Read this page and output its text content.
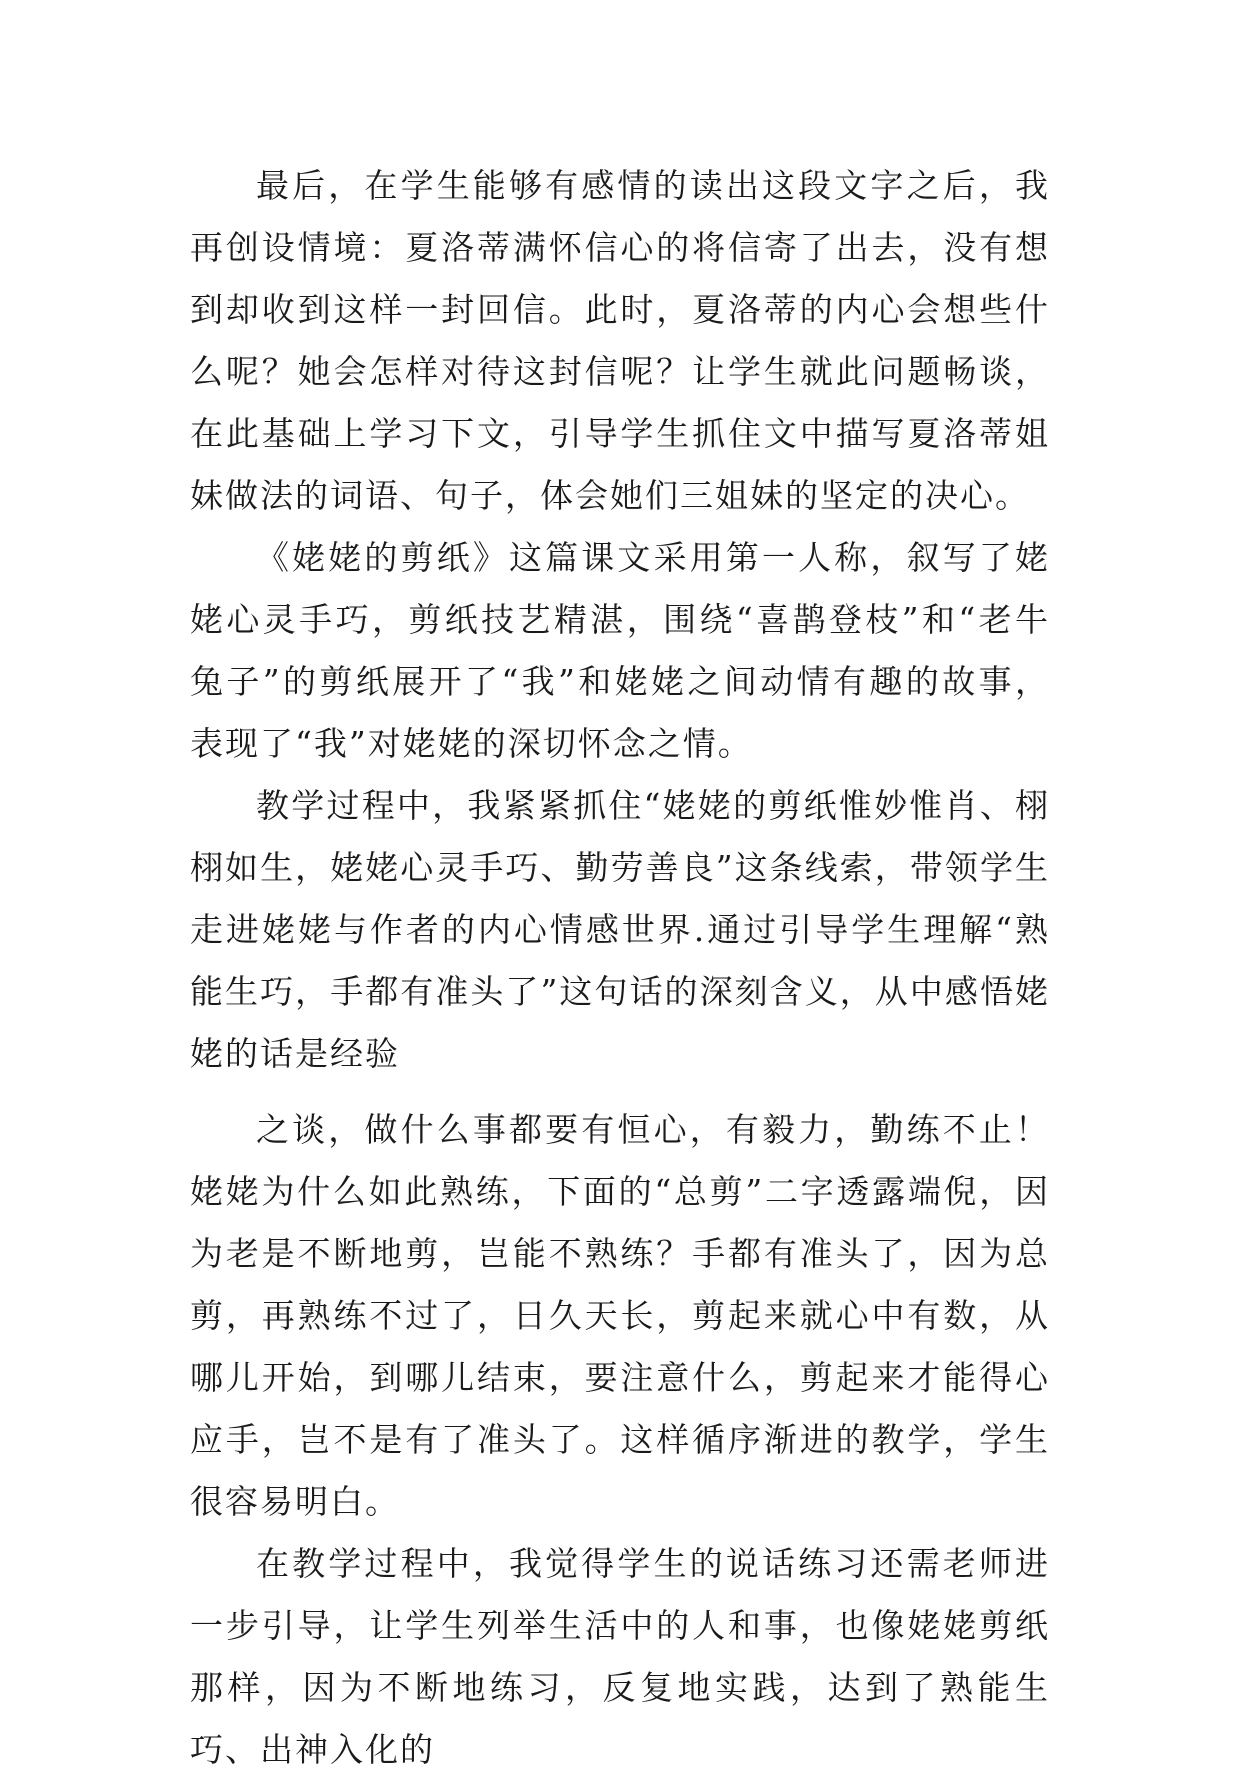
最后，在学生能够有感情的读出这段文字之后，我再创设情境：夏洛蒂满怀信心的将信寄了出去，没有想到却收到这样一封回信。此时，夏洛蒂的内心会想些什么呢？她会怎样对待这封信呢？让学生就此问题畅谈，在此基础上学习下文，引导学生抓住文中描写夏洛蒂姐妹做法的词语、句子，体会她们三姐妹的坚定的决心。

《姥姥的剪纸》这篇课文采用第一人称，叙写了姥姥心灵手巧，剪纸技艺精湛，围绕“喜鹊登枝”和“老牛兔子”的剪纸展开了“我”和姥姥之间动情有趣的故事，表现了“我”对姥姥的深切怀念之情。

教学过程中，我紧紧抓住“姥姥的剪纸惟妙惟肖、栩栩如生，姥姥心灵手巧、勤劳善良”这条线索，带领学生走进姥姥与作者的内心情感世界.通过引导学生理解“熟能生巧，手都有准头了”这句话的深刻含义，从中感悟姥姥的话是经验

之谈，做什么事都要有恒心，有毅力，勤练不止！姥姥为什么如此熟练，下面的“总剪”二字透露端倪，因为老是不断地剪，岂能不熟练？手都有准头了，因为总剪，再熟练不过了，日久天长，剪起来就心中有数，从哪儿开始，到哪儿结束，要注意什么，剪起来才能得心应手，岂不是有了准头了。这样循序渐进的教学，学生很容易明白。

在教学过程中，我觉得学生的说话练习还需老师进一步引导，让学生列举生活中的人和事，也像姥姥剪纸那样，因为不断地练习，反复地实践，达到了熟能生巧、出神入化的
